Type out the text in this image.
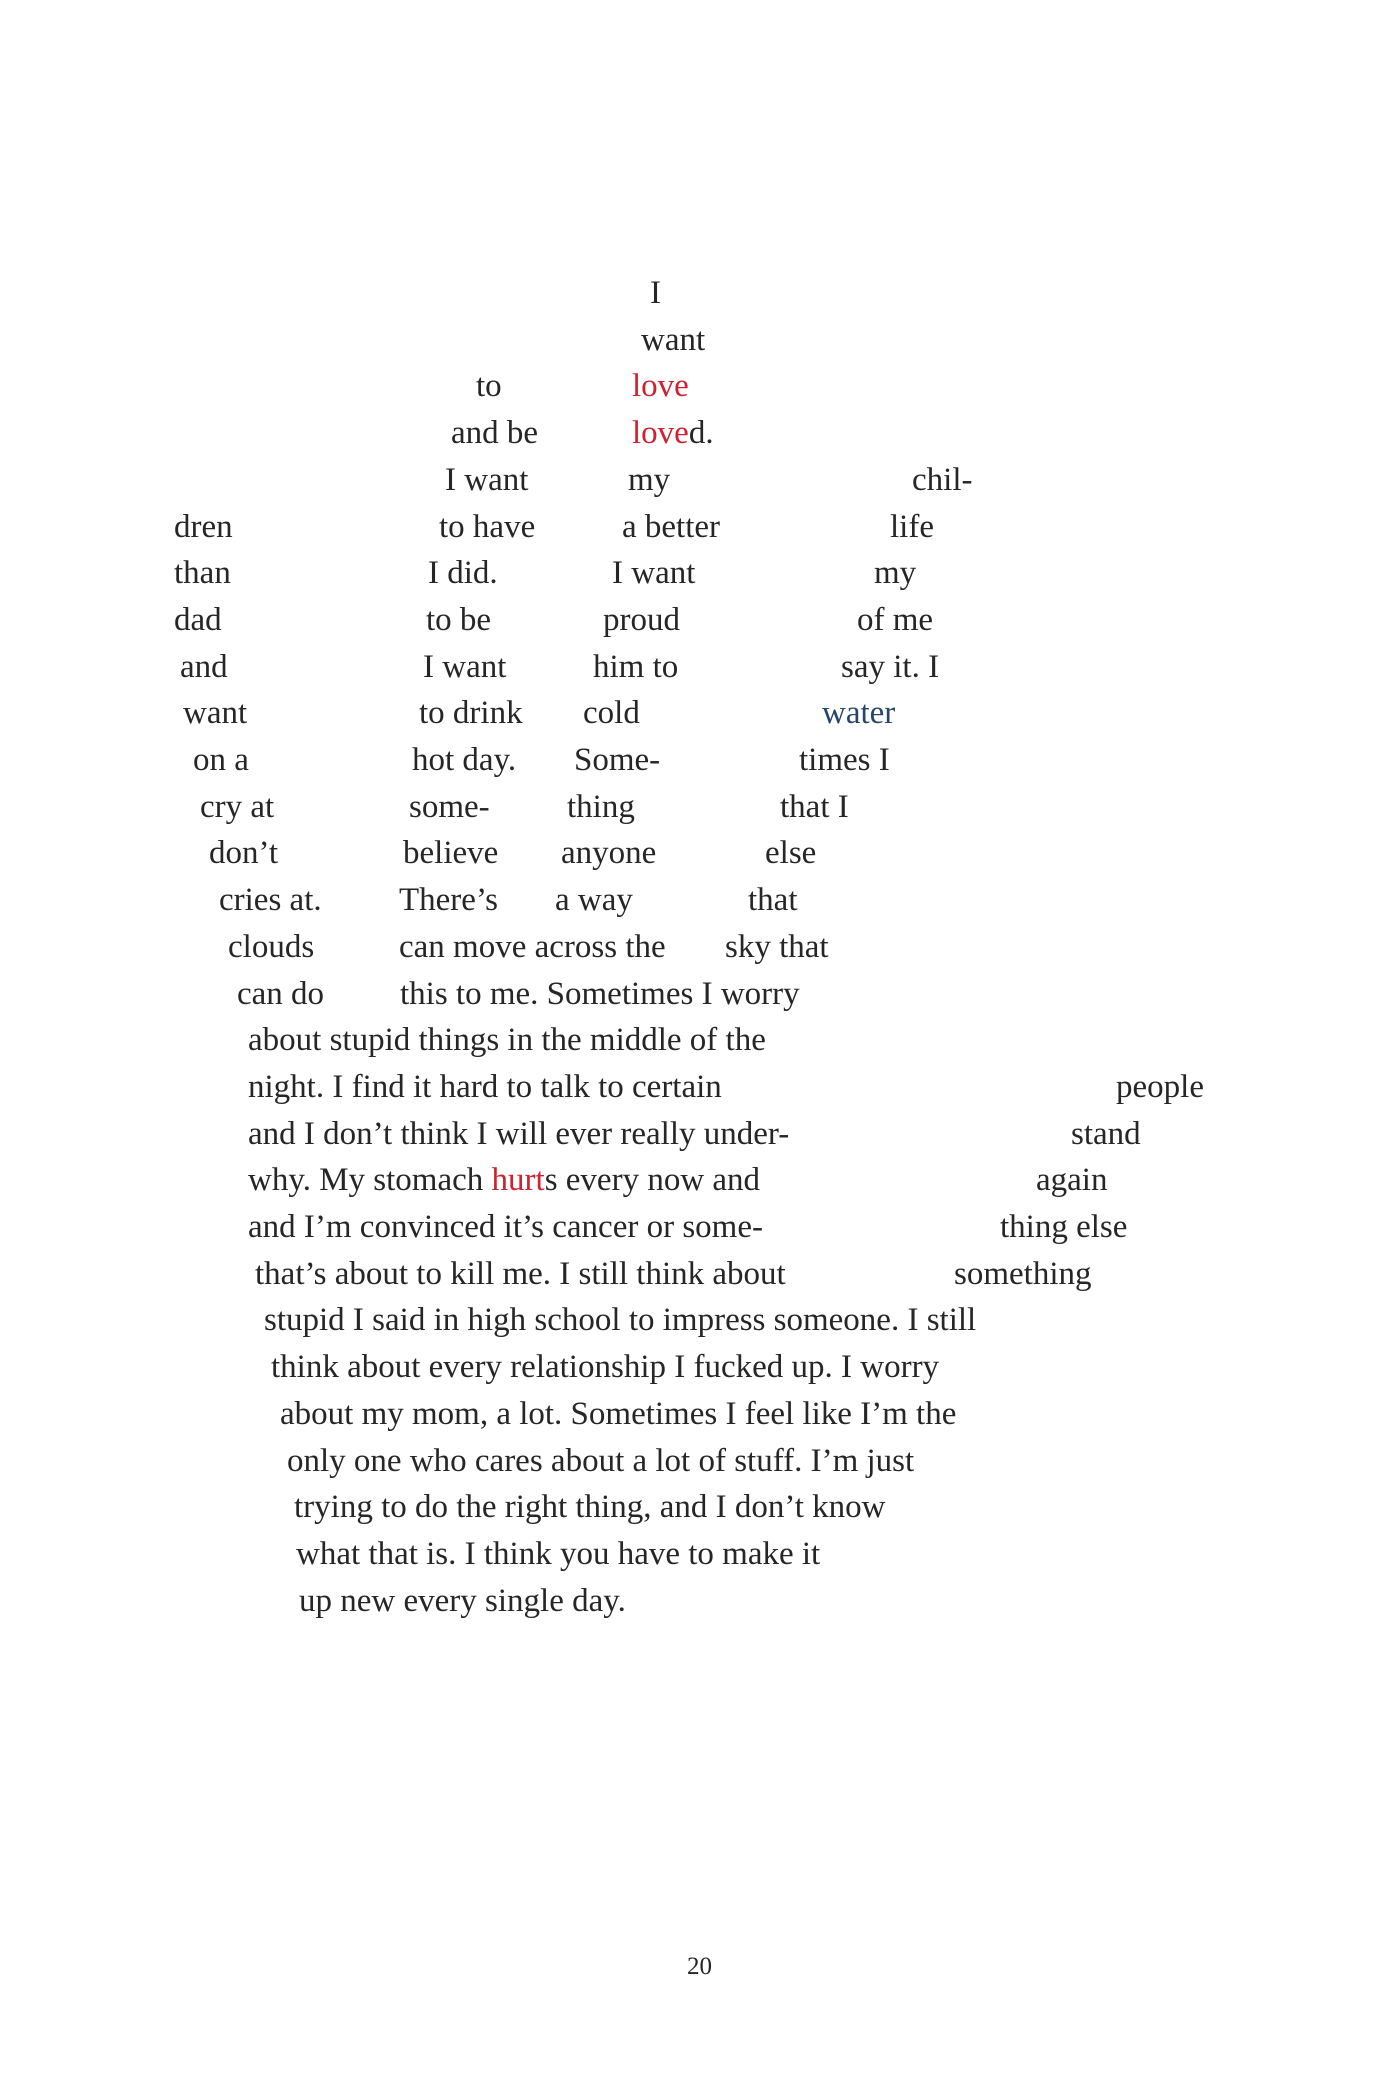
I
want
to	love
and be	love d.
I want	my	chil-
dren	to have	a better	life
than	I did.	I want	my
dad	to be	proud	of me
and	I want	him to	say it. I
want	to drink cold	water
on a	hot day. Some-	times I
cry at	some- thing	that I
don’t	believe anyone	else
cries at. There’s a way	that
clouds	can move across the sky that
can do this to me. Sometimes I worry
about stupid things in the middle of the
night. I find it hard to talk to certain	people
and I don’t think I will ever really under-	stand
why. My stomach hurt s every now and	again
and I’m convinced it’s cancer or some-	thing else
that’s about to kill me. I still think about	something
stupid I said in high school to impress someone. I still
think about every relationship I fucked up. I worry
about my mom, a lot. Sometimes I feel like I’m the
only one who cares about a lot of stuff. I’m just
trying to do the right thing, and I don’t know
what that is. I think you have to make it
up new every single day.
20
